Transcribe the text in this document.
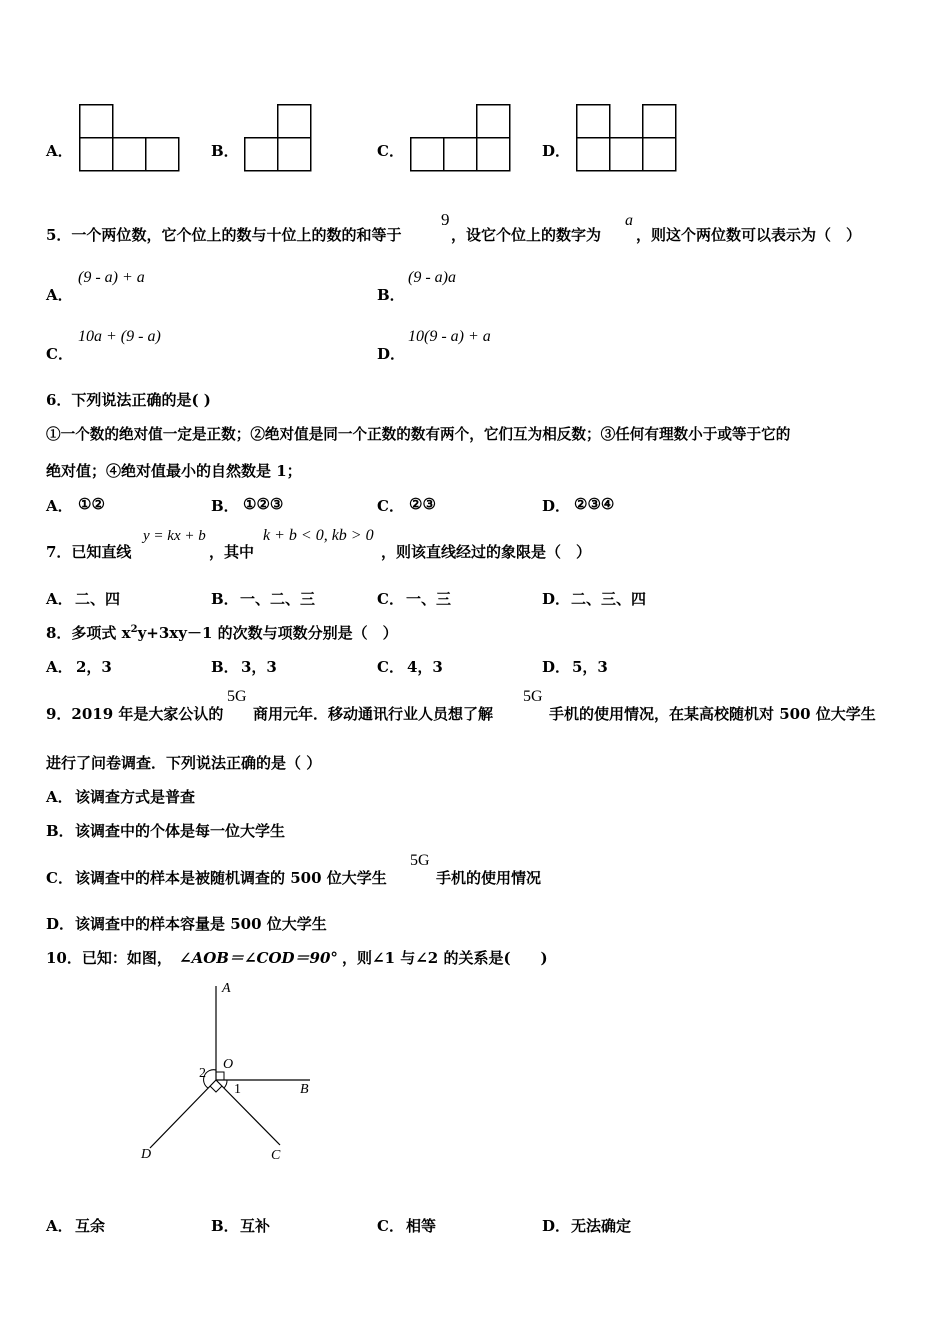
A．	B．	C．	D．
5．一个两位数，它个位上的数与十位上的数的和等于
9
，设它个位上的数字为
a
，则这个两位数可以表示为（　）
A．
(9 - a) + a
B．
(9 - a)a
C．
10a + (9 - a)
D．
10(9 - a) + a
6．下列说法正确的是( )
①一个数的绝对值一定是正数；②绝对值是同一个正数的数有两个，它们互为相反数；③任何有理数小于或等于它的
绝对值；④绝对值最小的自然数是 1；
A． ①②	B． ①②③	C． ②③	D． ②③④
7．已知直线
y = kx + b
，其中
k + b < 0, kb > 0
，则该直线经过的象限是（　）
A． 二、四	B． 一、二、三	C． 一、三	D． 二、三、四
8．多项式 $x^2y+3xy-1$ 的次数与项数分别是（　）
A． 2，3	B． 3，3	C． 4，3	D． 5，3
9．2019 年是大家公认的
5G
商用元年．移动通讯行业人员想了解
5G
手机的使用情况，在某高校随机对 500 位大学生
进行了问卷调查．下列说法正确的是（ ）
A． 该调查方式是普查
B． 该调查中的个体是每一位大学生
C． 该调查中的样本是被随机调查的 500 位大学生
5G
手机的使用情况
D． 该调查中的样本容量是 500 位大学生
10．已知：如图， ∠AOB＝∠COD＝90° ，则∠1 与∠2 的关系是(　　)
A
O
B
C
D
1
2
A． 互余	B． 互补	C． 相等	D． 无法确定
